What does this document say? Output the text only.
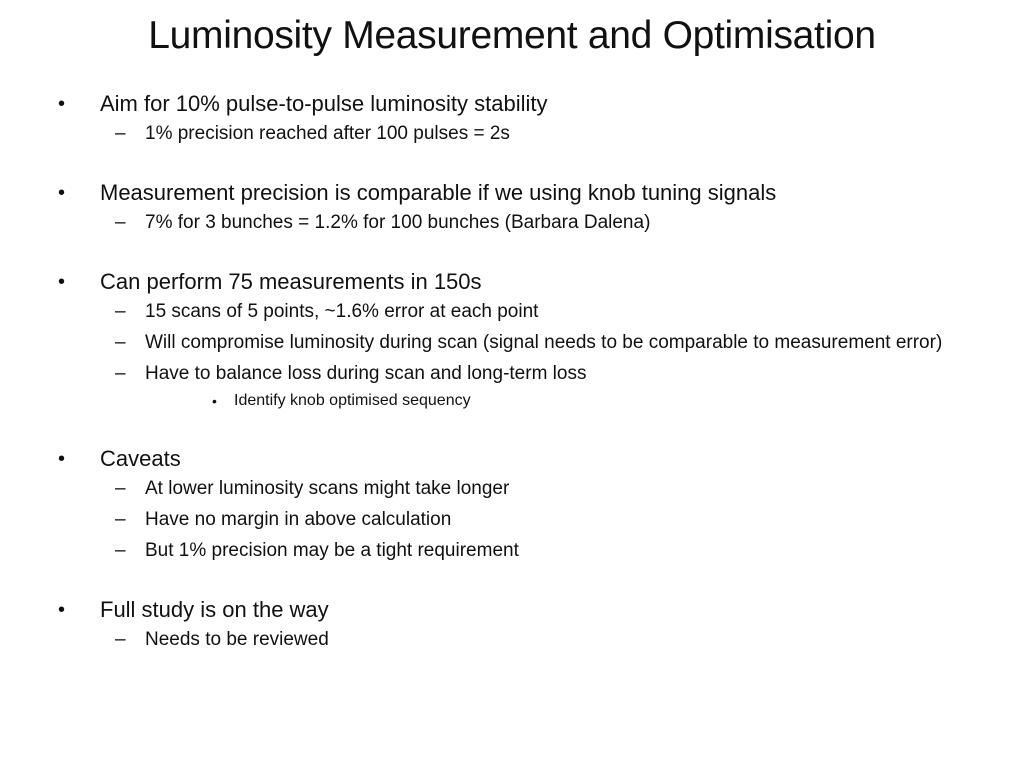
Luminosity Measurement and Optimisation
•	Aim for 10% pulse-to-pulse luminosity stability
–	1% precision reached after 100 pulses = 2s
•	Measurement precision is comparable if we using knob tuning signals
–	7% for 3 bunches = 1.2% for 100 bunches (Barbara Dalena)
•	Can perform 75 measurements in 150s
–	15 scans of 5 points, ~1.6% error at each point
–	Will compromise luminosity during scan (signal needs to be comparable to measurement error)
–	Have to balance loss during scan and long-term loss
•	Identify knob optimised sequency
•	Caveats
–	At lower luminosity scans might take longer
–	Have no margin in above calculation
–	But 1% precision may be a tight requirement
•	Full study is on the way
–	Needs to be reviewed
